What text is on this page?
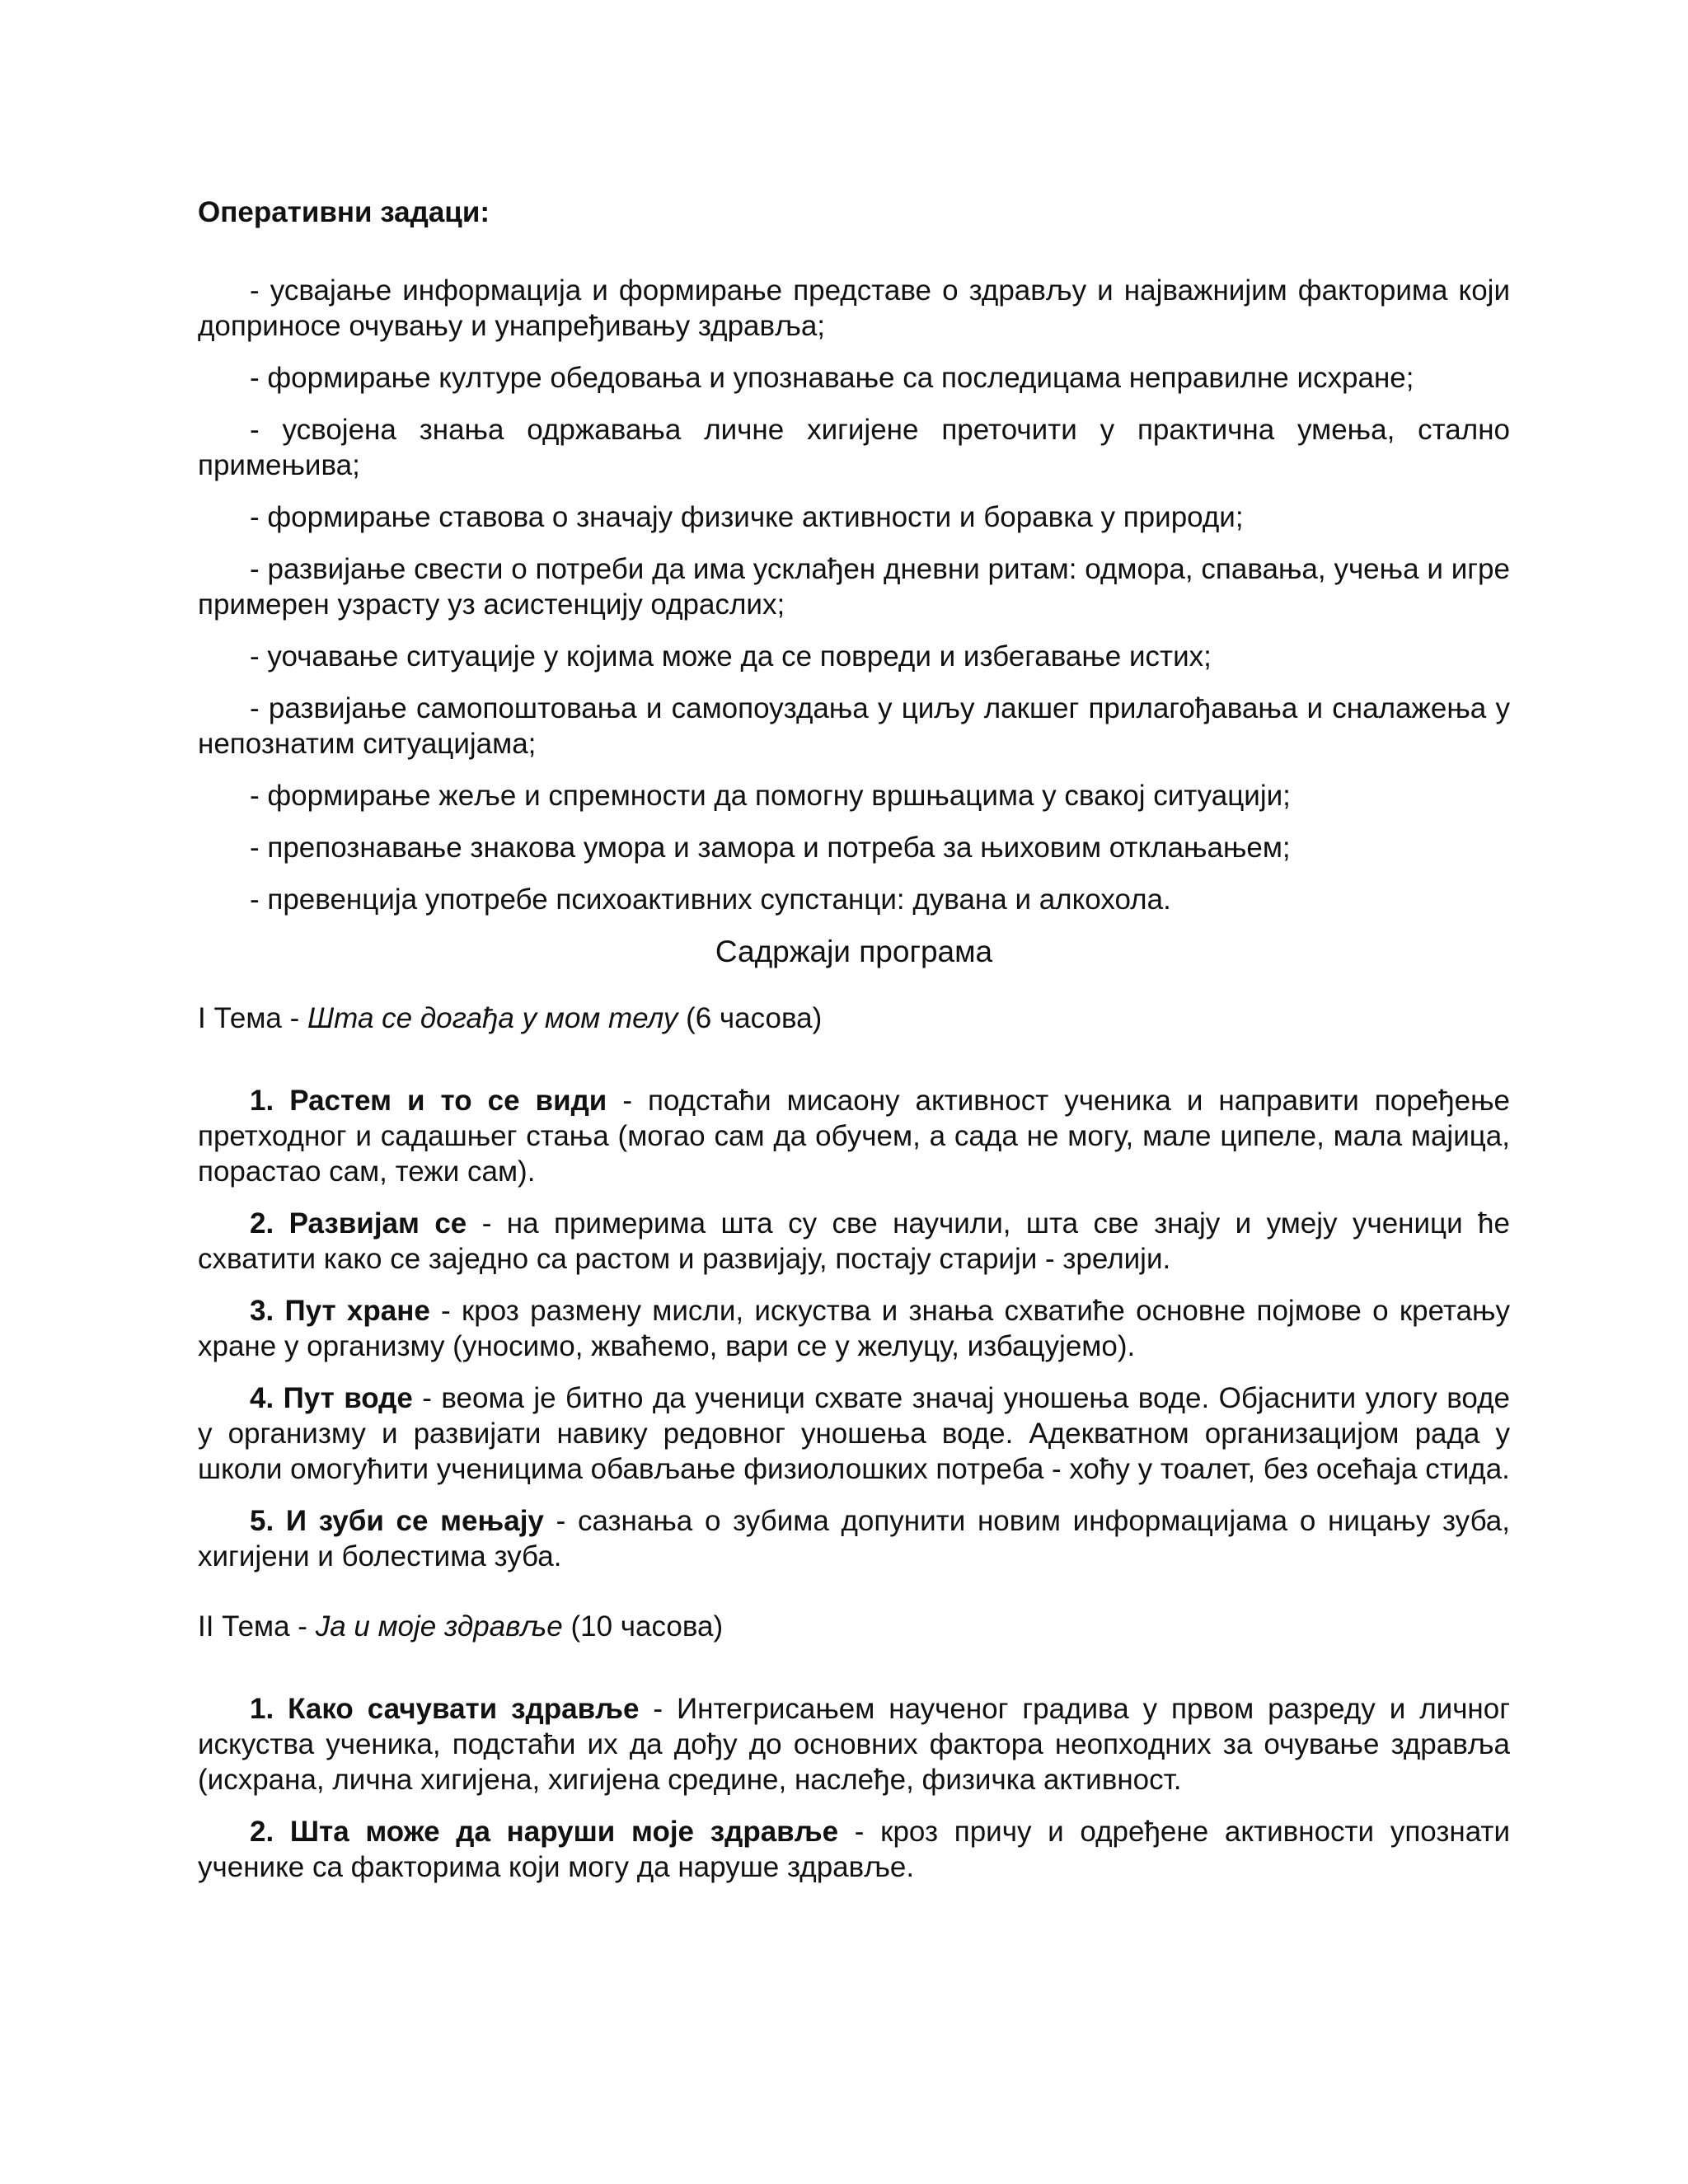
Оперативни задаци:

- усвајање информација и формирање представе о здрављу и најважнијим факторима који доприносе очувању и унапређивању здравља;

- формирање културе обедовања и упознавање са последицама неправилне исхране;

- усвојена знања одржавања личне хигијене преточити у практична умења, стално примењива;

- формирање ставова о значају физичке активности и боравка у природи;

- развијање свести о потреби да има усклађен дневни ритам: одмора, спавања, учења и игре примерен узрасту уз асистенцију одраслих;

- уочавање ситуације у којима може да се повреди и избегавање истих;

- развијање самопоштовања и самопоуздања у циљу лакшег прилагођавања и сналажења у непознатим ситуацијама;

- формирање жеље и спремности да помогну вршњацима у свакој ситуацији;

- препознавање знакова умора и замора и потреба за њиховим отклањањем;

- превенција употребе психоактивних супстанци: дувана и алкохола.

Садржаји програма

I Тема - Шта се догађа у мом телу (6 часова)

1. Растем и то се види - подстаћи мисаону активност ученика и направити поређење претходног и садашњег стања (могао сам да обучем, а сада не могу, мале ципеле, мала мајица, порастао сам, тежи сам).

2. Развијам се - на примерима шта су све научили, шта све знају и умеју ученици ће схватити како се заједно са растом и развијају, постају старији - зрелији.

3. Пут хране - кроз размену мисли, искуства и знања схватиће основне појмове о кретању хране у организму (уносимо, жваћемо, вари се у желуцу, избацујемо).

4. Пут воде - веома је битно да ученици схвате значај уношења воде. Објаснити улогу воде у организму и развијати навику редовног уношења воде. Адекватном организацијом рада у школи омогућити ученицима обављање физиолошких потреба - хоћу у тоалет, без осећаја стида.

5. И зуби се мењају - сазнања о зубима допунити новим информацијама о ницању зуба, хигијени и болестима зуба.

II Тема - Ја и моје здравље (10 часова)

1. Како сачувати здравље - Интегрисањем наученог градива у првом разреду и личног искуства ученика, подстаћи их да дођу до основних фактора неопходних за очување здравља (исхрана, лична хигијена, хигијена средине, наслеђе, физичка активност.

2. Шта може да наруши моје здравље - кроз причу и одређене активности упознати ученике са факторима који могу да наруше здравље.
